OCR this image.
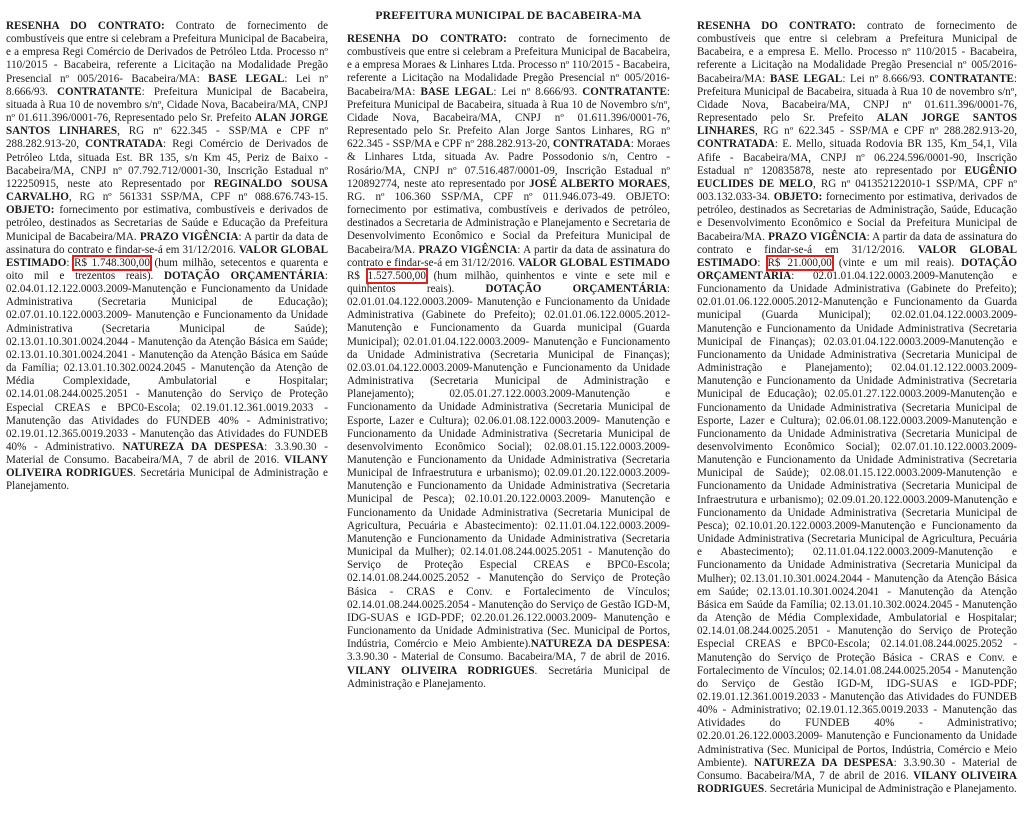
PREFEITURA MUNICIPAL DE BACABEIRA-MA

RESENHA DO CONTRATO: Contrato de fornecimento de combustíveis que entre si celebram a Prefeitura Municipal de Bacabeira, e a empresa Regi Comércio de Derivados de Petróleo Ltda. Processo nº 110/2015 - Bacabeira, referente a Licitação na Modalidade Pregão Presencial nº 005/2016- Bacabeira/MA: BASE LEGAL: Lei nº 8.666/93. CONTRATANTE: Prefeitura Municipal de Bacabeira, situada à Rua 10 de novembro s/nº, Cidade Nova, Bacabeira/MA, CNPJ nº 01.611.396/0001-76, Representado pelo Sr. Prefeito ALAN JORGE SANTOS LINHARES, RG nº 622.345 - SSP/MA e CPF nº 288.282.913-20, CONTRATADA: Regi Comércio de Derivados de Petróleo Ltda, situada Est. BR 135, s/n Km 45, Periz de Baixo - Bacabeira/MA, CNPJ nº 07.792.712/0001-30, Inscrição Estadual nº 122250915, neste ato Representado por REGINALDO SOUSA CARVALHO, RG nº 561331 SSP/MA, CPF nº 088.676.743-15. OBJETO: fornecimento por estimativa, combustíveis e derivados de petróleo, destinados as Secretarias de Saúde e Educação da Prefeitura Municipal de Bacabeira/MA. PRAZO VIGÊNCIA: A partir da data de assinatura do contrato e findar-se-á em 31/12/2016. VALOR GLOBAL ESTIMADO: R$ 1.748.300,00 (hum milhão, setecentos e quarenta e oito mil e trezentos reais). DOTAÇÃO ORÇAMENTÁRIA: 02.04.01.12.122.0003.2009-Manutenção e Funcionamento da Unidade Administrativa (Secretaria Municipal de Educação); 02.07.01.10.122.0003.2009- Manutenção e Funcionamento da Unidade Administrativa (Secretaria Municipal de Saúde); 02.13.01.10.301.0024.2044 - Manutenção da Atenção Básica em Saúde; 02.13.01.10.301.0024.2041 - Manutenção da Atenção Básica em Saúde da Família; 02.13.01.10.302.0024.2045 - Manutenção da Atenção de Média Complexidade, Ambulatorial e Hospitalar; 02.14.01.08.244.0025.2051 - Manutenção do Serviço de Proteção Especial CREAS e BPC0-Escola; 02.19.01.12.361.0019.2033 - Manutenção das Atividades do FUNDEB 40% - Administrativo; 02.19.01.12.365.0019.2033 - Manutenção das Atividades do FUNDEB 40% - Administrativo. NATUREZA DA DESPESA: 3.3.90.30 - Material de Consumo. Bacabeira/MA, 7 de abril de 2016. VILANY OLIVEIRA RODRIGUES. Secretária Municipal de Administração e Planejamento.

RESENHA DO CONTRATO: contrato de fornecimento de combustíveis que entre si celebram a Prefeitura Municipal de Bacabeira, e a empresa Moraes & Linhares Ltda. Processo nº 110/2015 - Bacabeira, referente a Licitação na Modalidade Pregão Presencial nº 005/2016- Bacabeira/MA: BASE LEGAL: Lei nº 8.666/93. CONTRATANTE: Prefeitura Municipal de Bacabeira, situada à Rua 10 de Novembro s/nº, Cidade Nova, Bacabeira/MA, CNPJ nº 01.611.396/0001-76, Representado pelo Sr. Prefeito Alan Jorge Santos Linhares, RG nº 622.345 - SSP/MA e CPF nº 288.282.913-20, CONTRATADA: Moraes & Linhares Ltda, situada Av. Padre Possodonio s/n, Centro - Rosário/MA, CNPJ nº 07.516.487/0001-09, Inscrição Estadual nº 120892774, neste ato representado por JOSÉ ALBERTO MORAES, RG. nº 106.360 SSP/MA, CPF nº 011.946.073-49. OBJETO: fornecimento por estimativa, combustíveis e derivados de petróleo, destinados a Secretaria de Administração e Planejamento e Secretaria de Desenvolvimento Econômico e Social da Prefeitura Municipal de Bacabeira/MA. PRAZO VIGÊNCIA: A partir da data de assinatura do contrato e findar-se-á em 31/12/2016. VALOR GLOBAL ESTIMADO R$ 1.527.500,00 (hum milhão, quinhentos e vinte e sete mil e quinhentos reais). DOTAÇÃO ORÇAMENTÁRIA: 02.01.01.04.122.0003.2009- Manutenção e Funcionamento da Unidade Administrativa (Gabinete do Prefeito); 02.01.01.06.122.0005.2012-Manutenção e Funcionamento da Guarda municipal (Guarda Municipal); 02.01.01.04.122.0003.2009- Manutenção e Funcionamento da Unidade Administrativa (Secretaria Municipal de Finanças); 02.03.01.04.122.0003.2009-Manutenção e Funcionamento da Unidade Administrativa (Secretaria Municipal de Administração e Planejamento); 02.05.01.27.122.0003.2009-Manutenção e Funcionamento da Unidade Administrativa (Secretaria Municipal de Esporte, Lazer e Cultura); 02.06.01.08.122.0003.2009- Manutenção e Funcionamento da Unidade Administrativa (Secretaria Municipal de desenvolvimento Econômico Social); 02.08.01.15.122.0003.2009- Manutenção e Funcionamento da Unidade Administrativa (Secretaria Municipal de Infraestrutura e urbanismo); 02.09.01.20.122.0003.2009- Manutenção e Funcionamento da Unidade Administrativa (Secretaria Municipal de Pesca); 02.10.01.20.122.0003.2009- Manutenção e Funcionamento da Unidade Administrativa (Secretaria Municipal de Agricultura, Pecuária e Abastecimento): 02.11.01.04.122.0003.2009- Manutenção e Funcionamento da Unidade Administrativa (Secretaria Municipal da Mulher); 02.14.01.08.244.0025.2051 - Manutenção do Serviço de Proteção Especial CREAS e BPC0-Escola; 02.14.01.08.244.0025.2052 - Manutenção do Serviço de Proteção Básica - CRAS e Conv. e Fortalecimento de Vínculos; 02.14.01.08.244.0025.2054 - Manutenção do Serviço de Gestão IGD-M, IDG-SUAS e IGD-PDF; 02.20.01.26.122.0003.2009- Manutenção e Funcionamento da Unidade Administrativa (Sec. Municipal de Portos, Indústria, Comércio e Meio Ambiente).NATUREZA DA DESPESA: 3.3.90.30 - Material de Consumo. Bacabeira/MA, 7 de abril de 2016. VILANY OLIVEIRA RODRIGUES. Secretária Municipal de Administração e Planejamento.

RESENHA DO CONTRATO: contrato de fornecimento de combustíveis que entre si celebram a Prefeitura Municipal de Bacabeira, e a empresa E. Mello. Processo nº 110/2015 - Bacabeira, referente a Licitação na Modalidade Pregão Presencial nº 005/2016- Bacabeira/MA: BASE LEGAL: Lei nº 8.666/93. CONTRATANTE: Prefeitura Municipal de Bacabeira, situada à Rua 10 de novembro s/nº, Cidade Nova, Bacabeira/MA, CNPJ nº 01.611.396/0001-76, Representado pelo Sr. Prefeito ALAN JORGE SANTOS LINHARES, RG nº 622.345 - SSP/MA e CPF nº 288.282.913-20, CONTRATADA: E. Mello, situada Rodovia BR 135, Km_54,1, Vila Afife - Bacabeira/MA, CNPJ nº 06.224.596/0001-90, Inscrição Estadual nº 120835878, neste ato representado por EUGÊNIO EUCLIDES DE MELO, RG nº 041352122010-1 SSP/MA, CPF nº 003.132.033-34. OBJETO: fornecimento por estimativa, derivados de petróleo, destinados as Secretarias de Administração, Saúde, Educação e Desenvolvimento Econômico e Social da Prefeitura Municipal de Bacabeira/MA. PRAZO VIGÊNCIA: A partir da data de assinatura do contrato e findar-se-á em 31/12/2016. VALOR GLOBAL ESTIMADO: R$ 21.000,00 (vinte e um mil reais). DOTAÇÃO ORÇAMENTÁRIA: 02.01.01.04.122.0003.2009-Manutenção e Funcionamento da Unidade Administrativa (Gabinete do Prefeito); 02.01.01.06.122.0005.2012-Manutenção e Funcionamento da Guarda municipal (Guarda Municipal); 02.02.01.04.122.0003.2009-Manutenção e Funcionamento da Unidade Administrativa (Secretaria Municipal de Finanças); 02.03.01.04.122.0003.2009-Manutenção e Funcionamento da Unidade Administrativa (Secretaria Municipal de Administração e Planejamento); 02.04.01.12.122.0003.2009-Manutenção e Funcionamento da Unidade Administrativa (Secretaria Municipal de Educação); 02.05.01.27.122.0003.2009-Manutenção e Funcionamento da Unidade Administrativa (Secretaria Municipal de Esporte, Lazer e Cultura); 02.06.01.08.122.0003.2009-Manutenção e Funcionamento da Unidade Administrativa (Secretaria Municipal de desenvolvimento Econômico Social); 02.07.01.10.122.0003.2009-Manutenção e Funcionamento da Unidade Administrativa (Secretaria Municipal de Saúde); 02.08.01.15.122.0003.2009-Manutenção e Funcionamento da Unidade Administrativa (Secretaria Municipal de Infraestrutura e urbanismo); 02.09.01.20.122.0003.2009-Manutenção e Funcionamento da Unidade Administrativa (Secretaria Municipal de Pesca); 02.10.01.20.122.0003.2009-Manutenção e Funcionamento da Unidade Administrativa (Secretaria Municipal de Agricultura, Pecuária e Abastecimento); 02.11.01.04.122.0003.2009-Manutenção e Funcionamento da Unidade Administrativa (Secretaria Municipal da Mulher); 02.13.01.10.301.0024.2044 - Manutenção da Atenção Básica em Saúde; 02.13.01.10.301.0024.2041 - Manutenção da Atenção Básica em Saúde da Família; 02.13.01.10.302.0024.2045 - Manutenção da Atenção de Média Complexidade, Ambulatorial e Hospitalar; 02.14.01.08.244.0025.2051 - Manutenção do Serviço de Proteção Especial CREAS e BPC0-Escola; 02.14.01.08.244.0025.2052 - Manutenção do Serviço de Proteção Básica - CRAS e Conv. e Fortalecimento de Vínculos; 02.14.01.08.244.0025.2054 - Manutenção do Serviço de Gestão IGD-M, IDG-SUAS e IGD-PDF; 02.19.01.12.361.0019.2033 - Manutenção das Atividades do FUNDEB 40% - Administrativo; 02.19.01.12.365.0019.2033 - Manutenção das Atividades do FUNDEB 40% - Administrativo; 02.20.01.26.122.0003.2009- Manutenção e Funcionamento da Unidade Administrativa (Sec. Municipal de Portos, Indústria, Comércio e Meio Ambiente). NATUREZA DA DESPESA: 3.3.90.30 - Material de Consumo. Bacabeira/MA, 7 de abril de 2016. VILANY OLIVEIRA RODRIGUES. Secretária Municipal de Administração e Planejamento.
